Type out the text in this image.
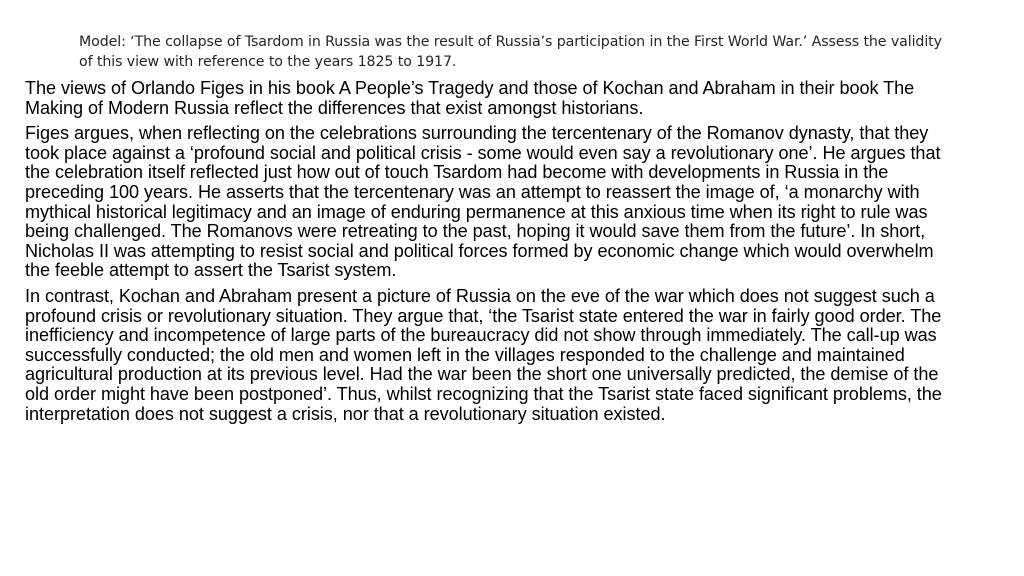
Model: ‘The collapse of Tsardom in Russia was the result of Russia’s participation in the First World War.’ Assess the validity of this view with reference to the years 1825 to 1917.

The views of Orlando Figes in his book A People’s Tragedy and those of Kochan and Abraham in their book The Making of Modern Russia reflect the differences that exist amongst historians.

Figes argues, when reflecting on the celebrations surrounding the tercentenary of the Romanov dynasty, that they took place against a ‘profound social and political crisis - some would even say a revolutionary one’. He argues that the celebration itself reflected just how out of touch Tsardom had become with developments in Russia in the preceding 100 years. He asserts that the tercentenary was an attempt to reassert the image of, ‘a monarchy with mythical historical legitimacy and an image of enduring permanence at this anxious time when its right to rule was being challenged. The Romanovs were retreating to the past, hoping it would save them from the future’. In short, Nicholas II was attempting to resist social and political forces formed by economic change which would overwhelm the feeble attempt to assert the Tsarist system.

In contrast, Kochan and Abraham present a picture of Russia on the eve of the war which does not suggest such a profound crisis or revolutionary situation. They argue that, ‘the Tsarist state entered the war in fairly good order. The inefficiency and incompetence of large parts of the bureaucracy did not show through immediately. The call-up was successfully conducted; the old men and women left in the villages responded to the challenge and maintained agricultural production at its previous level. Had the war been the short one universally predicted, the demise of the old order might have been postponed’. Thus, whilst recognizing that the Tsarist state faced significant problems, the interpretation does not suggest a crisis, nor that a revolutionary situation existed.
